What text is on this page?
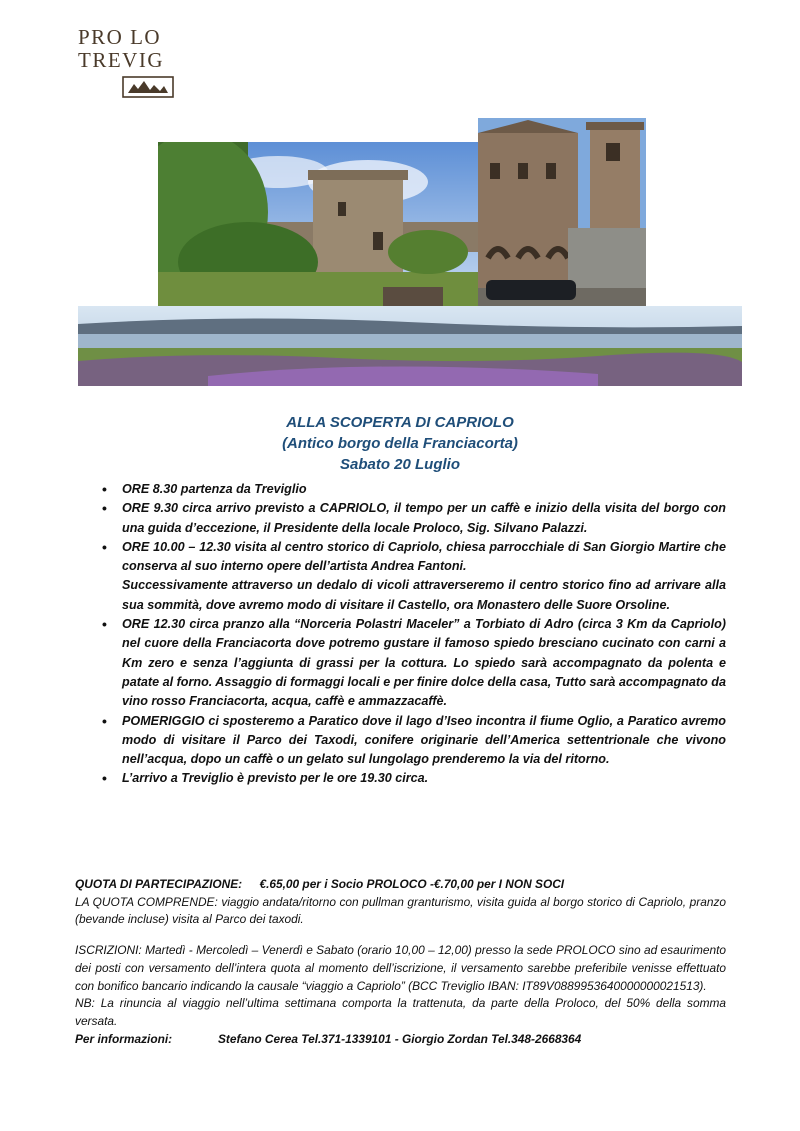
PRO LO
TREVIG
ALLA SCOPERTA DI CAPRIOLO
(Antico borgo della Franciacorta)
Sabato 20 Luglio

• ORE 8.30 partenza da Treviglio

• ORE 9.30 circa arrivo previsto a CAPRIOLO, il tempo per un caffè e inizio della visita del borgo con una guida d’eccezione, il Presidente della locale Proloco, Sig. Silvano Palazzi.

• ORE 10.00 – 12.30 visita al centro storico di Capriolo, chiesa parrocchiale di San Giorgio Martire che conserva al suo interno opere dell’artista Andrea Fantoni.

Successivamente attraverso un dedalo di vicoli attraverseremo il centro storico fino ad arrivare alla sua sommità, dove avremo modo di visitare il Castello, ora Monastero delle Suore Orsoline.

• ORE 12.30 circa pranzo alla “Norceria Polastri Maceler” a Torbiato di Adro (circa 3 Km da Capriolo) nel cuore della Franciacorta dove potremo gustare il famoso spiedo bresciano cucinato con carni a Km zero e senza l’aggiunta di grassi per la cottura. Lo spiedo sarà accompagnato da polenta e patate al forno. Assaggio di formaggi locali e per finire dolce della casa, Tutto sarà accompagnato da vino rosso Franciacorta, acqua, caffè e ammazzacaffè.

• POMERIGGIO ci sposteremo a Paratico dove il lago d’Iseo incontra il fiume Oglio, a Paratico avremo modo di visitare il Parco dei Taxodi, conifere originarie dell’America settentrionale che vivono nell’acqua, dopo un caffè o un gelato sul lungolago prenderemo la via del ritorno.

• L’arrivo a Treviglio è previsto per le ore 19.30 circa.

QUOTA DI PARTECIPAZIONE: €.65,00 per i Socio PROLOCO -€.70,00 per I NON SOCI

LA QUOTA COMPRENDE: viaggio andata/ritorno con pullman granturismo, visita guida al borgo storico di Capriolo, pranzo (bevande incluse) visita al Parco dei taxodi.

ISCRIZIONI: Martedì - Mercoledì – Venerdì e Sabato (orario 10,00 – 12,00) presso la sede PROLOCO sino ad esaurimento dei posti con versamento dell’intera quota al momento dell’iscrizione, il versamento sarebbe preferibile venisse effettuato con bonifico bancario indicando la causale “viaggio a Capriolo” (BCC Treviglio IBAN: IT89V0889953640000000021513).

NB: La rinuncia al viaggio nell’ultima settimana comporta la trattenuta, da parte della Proloco, del 50% della somma versata.

Per informazioni:	Stefano Cerea Tel.371-1339101 - Giorgio Zordan Tel.348-2668364
